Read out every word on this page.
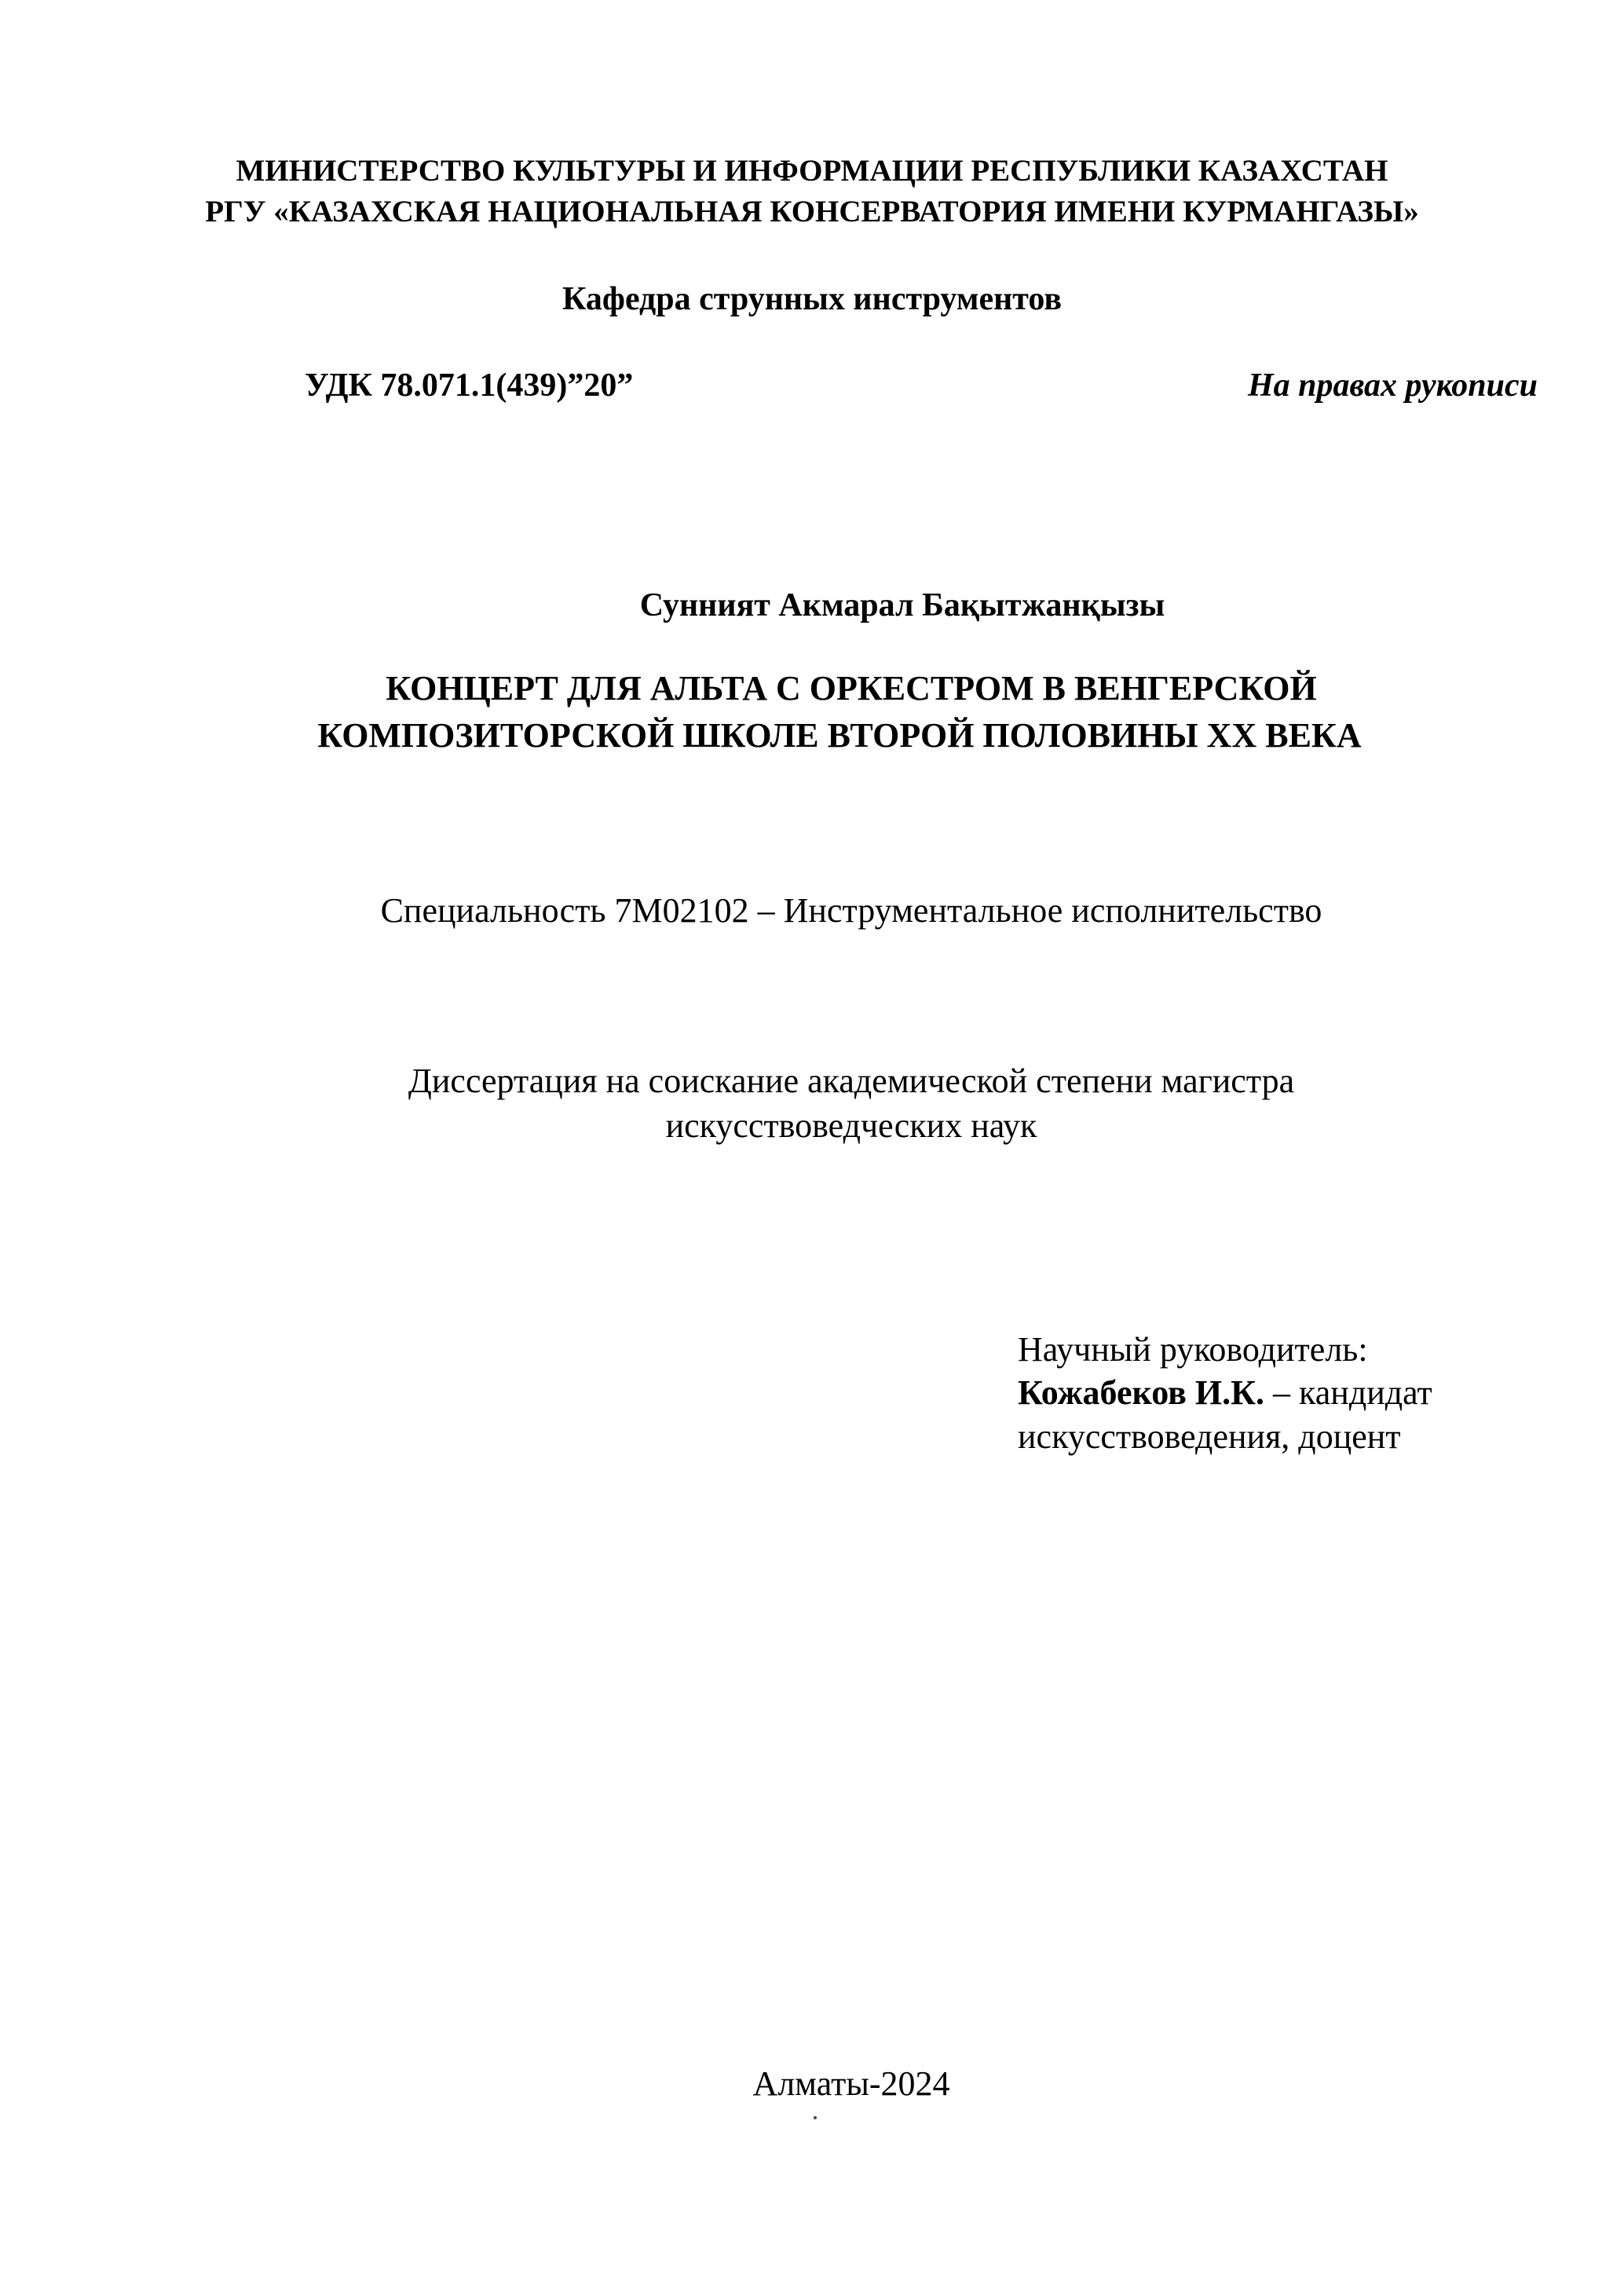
МИНИСТЕРСТВО КУЛЬТУРЫ И ИНФОРМАЦИИ РЕСПУБЛИКИ КАЗАХСТАН
РГУ «КАЗАХСКАЯ НАЦИОНАЛЬНАЯ КОНСЕРВАТОРИЯ ИМЕНИ КУРМАНГАЗЫ»
Кафедра струнных инструментов
УДК 78.071.1(439)”20”	На правах рукописи
Сунният Акмарал Бақытжанқызы
КОНЦЕРТ ДЛЯ АЛЬТА С ОРКЕСТРОМ В ВЕНГЕРСКОЙ
КОМПОЗИТОРСКОЙ ШКОЛЕ ВТОРОЙ ПОЛОВИНЫ XX ВЕКА
Специальность 7М02102 – Инструментальное исполнительство
Диссертация на соискание академической степени магистра
искусствоведческих наук
Научный руководитель:
Кожабеков И.К. – кандидат
искусствоведения, доцент
Алматы-2024
